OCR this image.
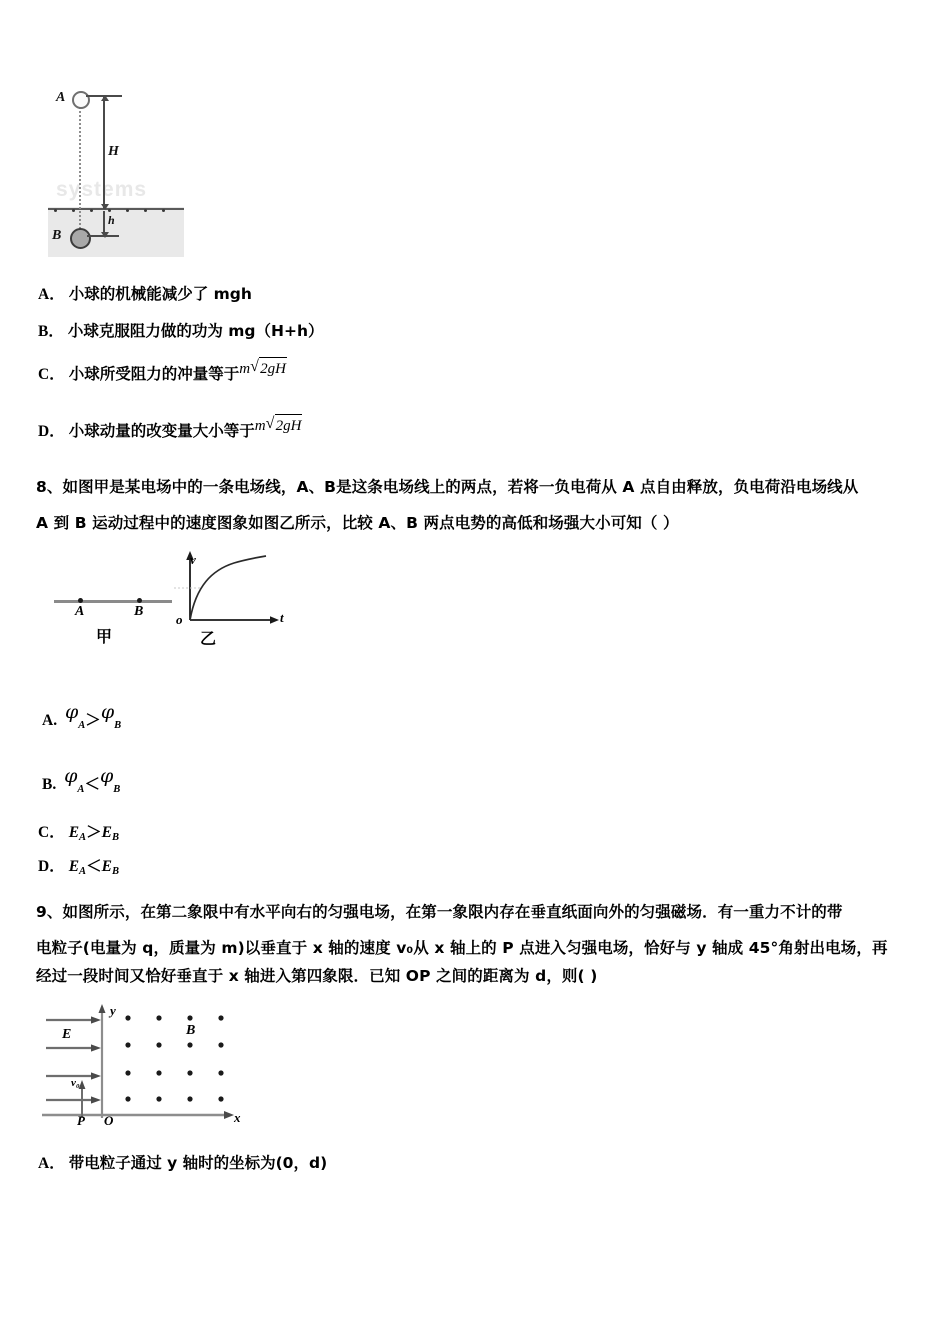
systems
A
H
h
B
A． 小球的机械能减少了 mgh
B． 小球克服阻力做的功为 mg（H+h）
C． 小球所受阻力的冲量等于m √ 2gH
D． 小球动量的改变量大小等于m √ 2gH
8、如图甲是某电场中的一条电场线，A、B是这条电场线上的两点，若将一负电荷从 A 点自由释放，负电荷沿电场线从
A 到 B 运动过程中的速度图象如图乙所示，比较 A、B 两点电势的高低和场强大小可知（ ）
A	B
甲	乙
v
t
o
A. $\varphi_A>\varphi_B$
B. $\varphi_A<\varphi_B$
C． $E_A>E_B$
D． $E_A<E_B$
9、如图所示，在第二象限中有水平向右的匀强电场，在第一象限内存在垂直纸面向外的匀强磁场．有一重力不计的带
电粒子(电量为 q，质量为 m)以垂直于 x 轴的速度 v₀从 x 轴上的 P 点进入匀强电场，恰好与 y 轴成 45°角射出电场，再
经过一段时间又恰好垂直于 x 轴进入第四象限．已知 OP 之间的距离为 d，则( )
E	B
v₀
P O	x
y
A． 带电粒子通过 y 轴时的坐标为(0，d)
